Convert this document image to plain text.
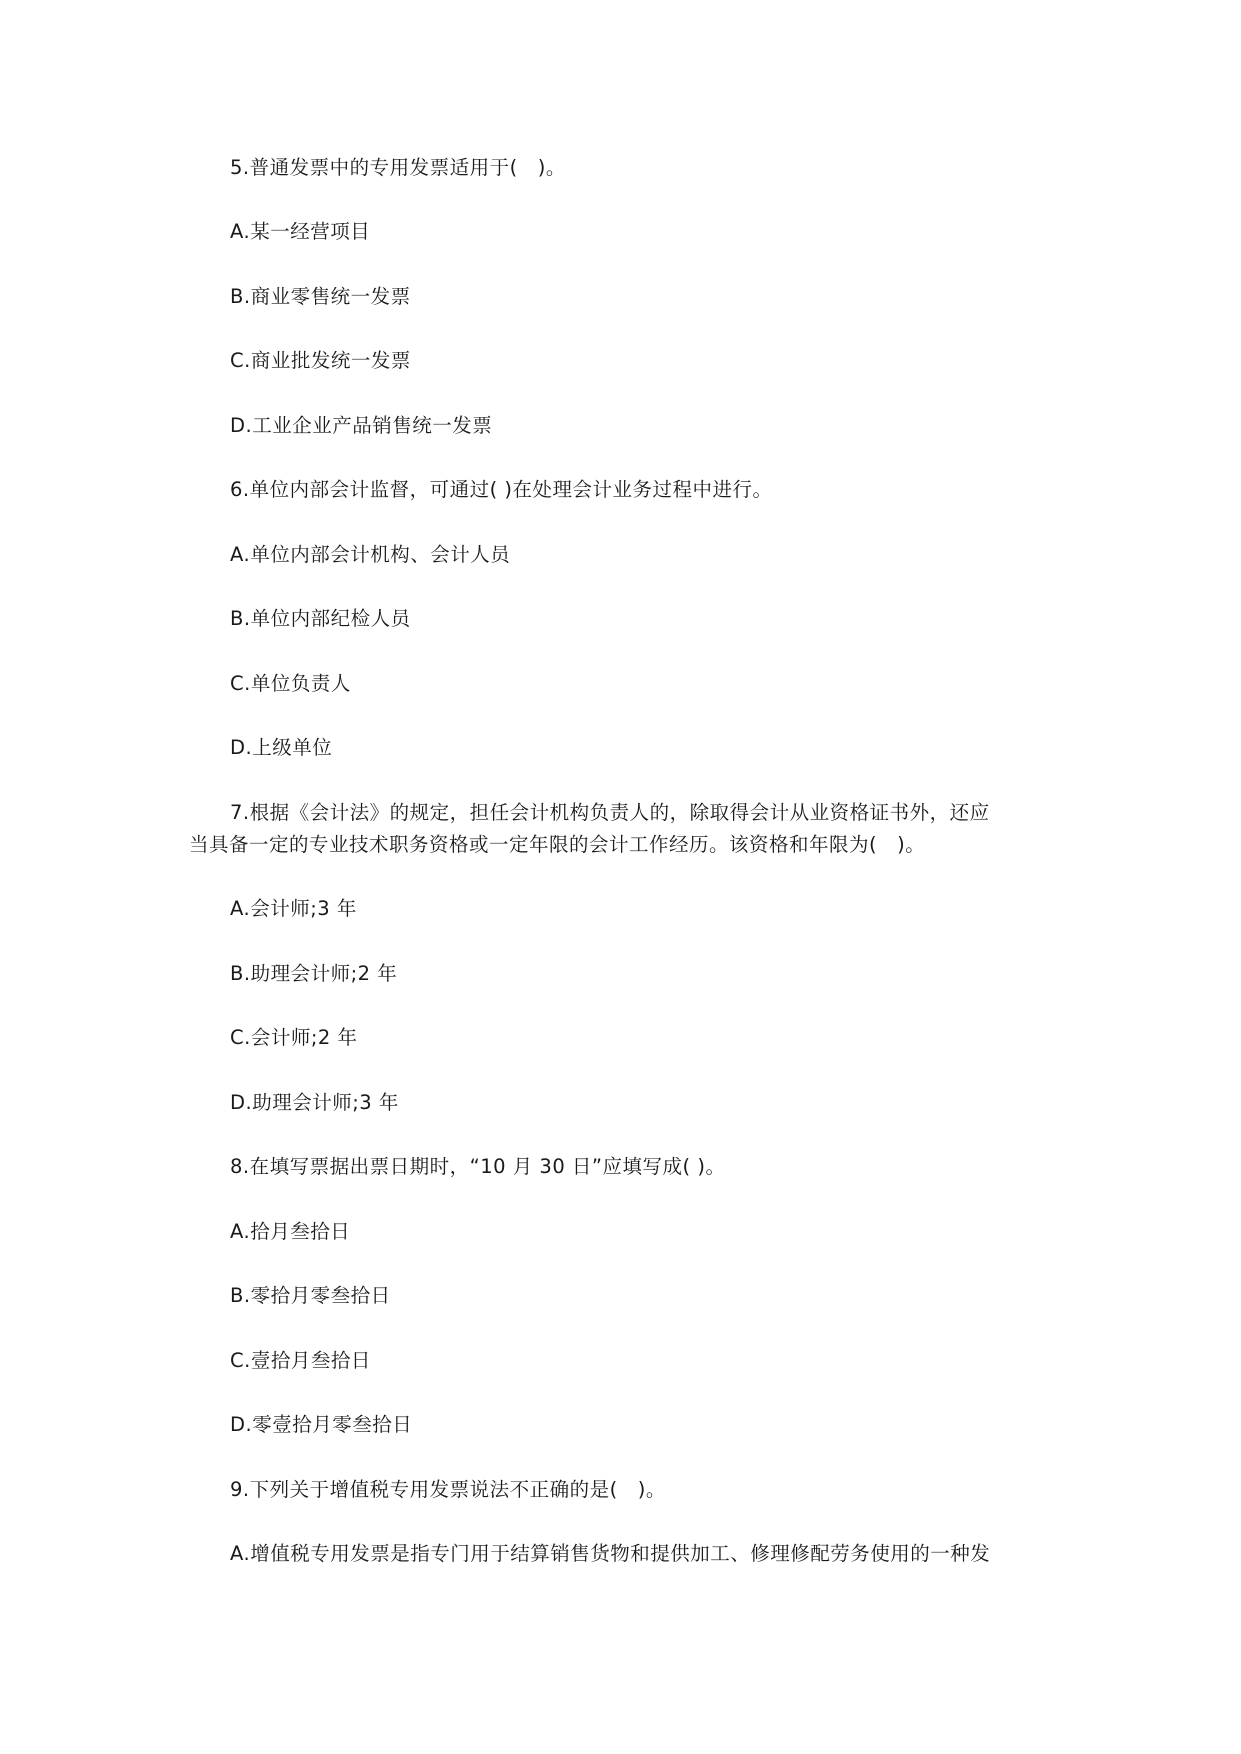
5.普通发票中的专用发票适用于(　)。
A.某一经营项目
B.商业零售统一发票
C.商业批发统一发票
D.工业企业产品销售统一发票
6.单位内部会计监督，可通过( )在处理会计业务过程中进行。
A.单位内部会计机构、会计人员
B.单位内部纪检人员
C.单位负责人
D.上级单位
7.根据《会计法》的规定，担任会计机构负责人的，除取得会计从业资格证书外，还应
当具备一定的专业技术职务资格或一定年限的会计工作经历。该资格和年限为(　)。
A.会计师;3 年
B.助理会计师;2 年
C.会计师;2 年
D.助理会计师;3 年
8.在填写票据出票日期时，“10 月 30 日”应填写成( )。
A.拾月叁拾日
B.零拾月零叁拾日
C.壹拾月叁拾日
D.零壹拾月零叁拾日
9.下列关于增值税专用发票说法不正确的是(　)。
A.增值税专用发票是指专门用于结算销售货物和提供加工、修理修配劳务使用的一种发
